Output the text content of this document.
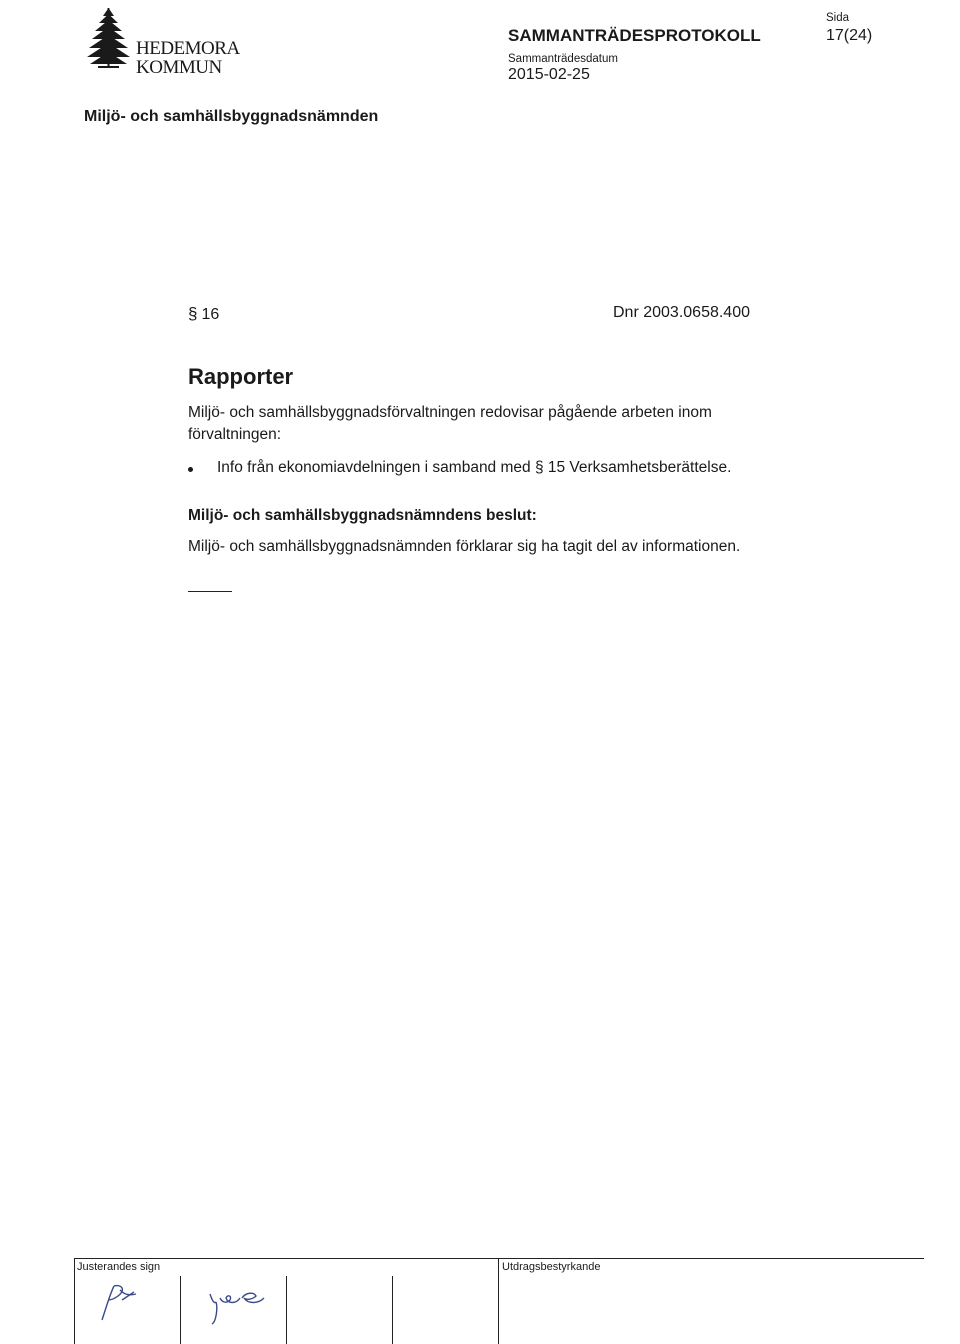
HEDEMORA
KOMMUN
SAMMANTRÄDESPROTOKOLL
Sammanträdesdatum
2015-02-25
Sida
17(24)
Miljö- och samhällsbyggnadsnämnden
§ 16	Dnr 2003.0658.400
Rapporter
Miljö- och samhällsbyggnadsförvaltningen redovisar pågående arbeten inom förvaltningen:
Info från ekonomiavdelningen i samband med § 15 Verksamhetsberättelse.
Miljö- och samhällsbyggnadsnämndens beslut:
Miljö- och samhällsbyggnadsnämnden förklarar sig ha tagit del av informationen.
Justerandes sign	Utdragsbestyrkande
